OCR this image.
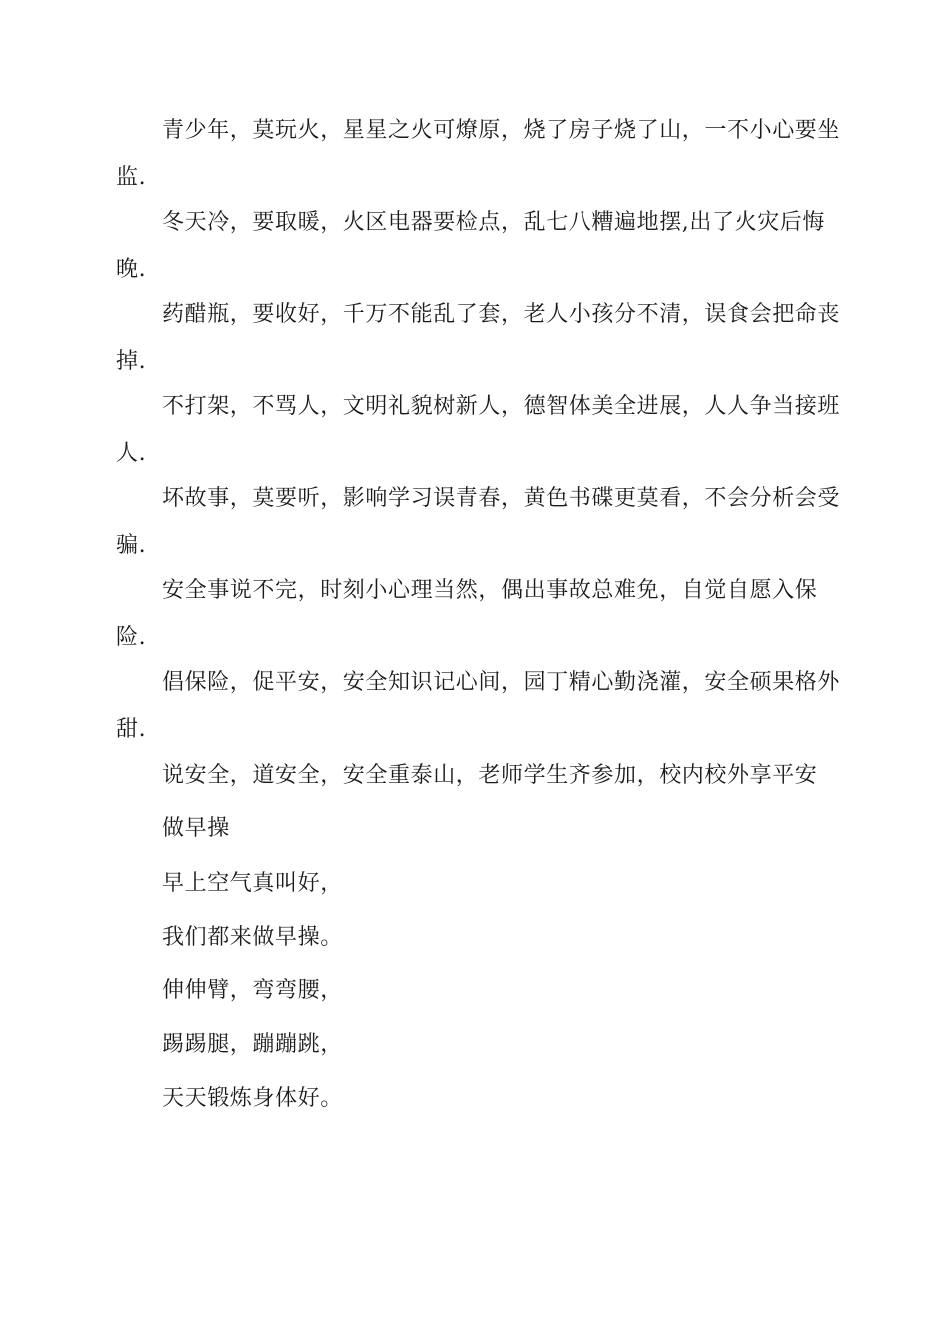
青少年，莫玩火，星星之火可燎原，烧了房子烧了山，一不小心要坐监.

冬天冷，要取暖，火区电器要检点，乱七八糟遍地摆,出了火灾后悔晚.

药醋瓶，要收好，千万不能乱了套，老人小孩分不清，误食会把命丧掉.

不打架，不骂人，文明礼貌树新人，德智体美全进展，人人争当接班人.

坏故事，莫要听，影响学习误青春，黄色书碟更莫看，不会分析会受骗.

安全事说不完，时刻小心理当然，偶出事故总难免，自觉自愿入保险.

倡保险，促平安，安全知识记心间，园丁精心勤浇灌，安全硕果格外甜.

说安全，道安全，安全重泰山，老师学生齐参加，校内校外享平安

做早操

早上空气真叫好，

我们都来做早操。

伸伸臂，弯弯腰，

踢踢腿，蹦蹦跳，

天天锻炼身体好。
